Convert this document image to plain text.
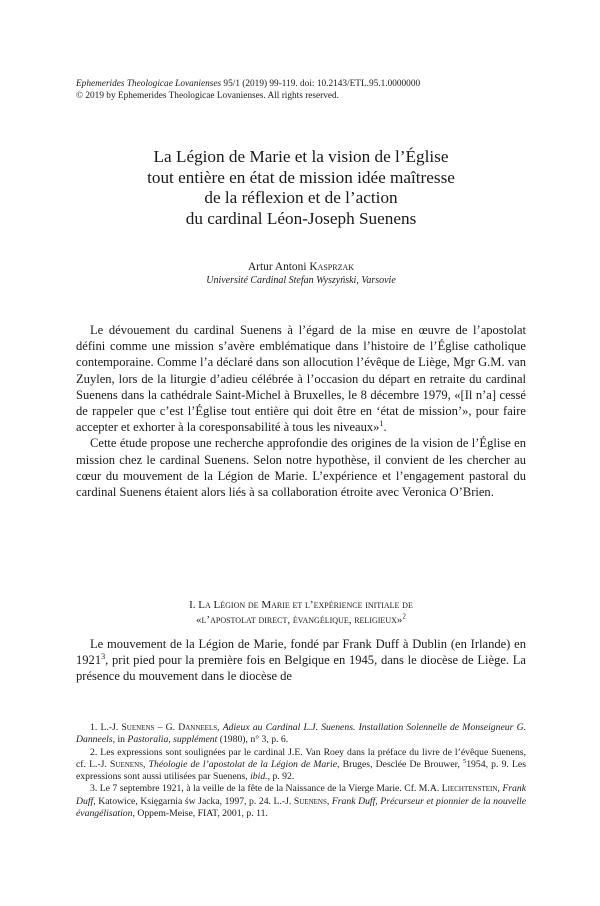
Ephemerides Theologicae Lovanienses 95/1 (2019) 99-119. doi: 10.2143/ETL.95.1.0000000
© 2019 by Ephemerides Theologicae Lovanienses. All rights reserved.
La Légion de Marie et la vision de l’Église
tout entière en état de mission idée maîtresse
de la réflexion et de l’action
du cardinal Léon-Joseph Suenens
Artur Antoni Kasprzak
Université Cardinal Stefan Wyszyński, Varsovie

Le dévouement du cardinal Suenens à l’égard de la mise en œuvre de l’apostolat défini comme une mission s’avère emblématique dans l’histoire de l’Église catholique contemporaine. Comme l’a déclaré dans son allocution l’évêque de Liège, Mgr G.M. van Zuylen, lors de la liturgie d’adieu célébrée à l’occasion du départ en retraite du cardinal Suenens dans la cathédrale Saint-Michel à Bruxelles, le 8 décembre 1979, «[Il n’a] cessé de rappeler que c’est l’Église tout entière qui doit être en ‘état de mission’», pour faire accepter et exhorter à la coresponsabilité à tous les niveaux»$^1$.

Cette étude propose une recherche approfondie des origines de la vision de l’Église en mission chez le cardinal Suenens. Selon notre hypothèse, il convient de les chercher au cœur du mouvement de la Légion de Marie. L’expérience et l’engagement pastoral du cardinal Suenens étaient alors liés à sa collaboration étroite avec Veronica O’Brien.

I. La Légion de Marie et l’expérience initiale de
«l’apostolat direct, évangélique, religieux»$^2$

Le mouvement de la Légion de Marie, fondé par Frank Duff à Dublin (en Irlande) en 1921$^3$, prit pied pour la première fois en Belgique en 1945, dans le diocèse de Liège. La présence du mouvement dans le diocèse de

1. L.-J. Suenens – G. Danneels, Adieux au Cardinal L.J. Suenens. Installation Solennelle de Monseigneur G. Danneels, in Pastoralia, supplément (1980), n° 3, p. 6.

2. Les expressions sont soulignées par le cardinal J.E. Van Roey dans la préface du livre de l’évêque Suenens, cf. L.-J. Suenens, Théologie de l’apostolat de la Légion de Marie, Bruges, Desclée De Brouwer, $^5$1954, p. 9. Les expressions sont aussi utilisées par Suenens, ibid., p. 92.

3. Le 7 septembre 1921, à la veille de la fête de la Naissance de la Vierge Marie. Cf. M.A. Liechtenstein, Frank Duff, Katowice, Księgarnia św Jacka, 1997, p. 24. L.-J. Suenens, Frank Duff, Précurseur et pionnier de la nouvelle évangélisation, Oppem-Meise, FIAT, 2001, p. 11.
